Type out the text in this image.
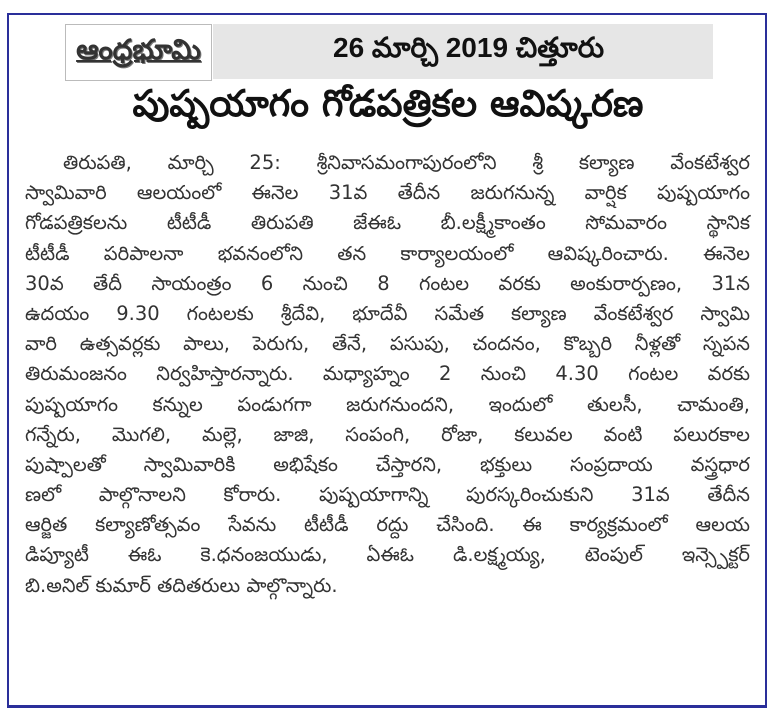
ఆంధ్రభూమి	26 మార్చి 2019 చిత్తూరు
పుష్పయాగం గోడపత్రికల ఆవిష్కరణ
తిరుపతి, మార్చి 25: శ్రీనివాసమంగాపురంలోని శ్రీ కల్యాణ వేంకటేశ్వర
స్వామివారి ఆలయంలో ఈనెల 31వ తేదీన జరుగనున్న వార్షిక పుష్పయాగం
గోడపత్రికలను టీటీడీ తిరుపతి జేఈఓ బీ.లక్ష్మీకాంతం సోమవారం స్థానిక
టీటీడీ పరిపాలనా భవనంలోని తన కార్యాలయంలో ఆవిష్కరించారు. ఈనెల
30వ తేదీ సాయంత్రం 6 నుంచి 8 గంటల వరకు అంకురార్పణం, 31న
ఉదయం 9.30 గంటలకు శ్రీదేవి, భూదేవీ సమేత కల్యాణ వేంకటేశ్వర స్వామి
వారి ఉత్సవర్లకు పాలు, పెరుగు, తేనే, పసుపు, చందనం, కొబ్బరి నీళ్లతో స్నపన
తిరుమంజనం నిర్వహిస్తారన్నారు. మధ్యాహ్నం 2 నుంచి 4.30 గంటల వరకు
పుష్పయాగం కన్నుల పండుగగా జరుగనుందని, ఇందులో తులసీ, చామంతి,
గన్నేరు, మొగలి, మల్లె, జాజి, సంపంగి, రోజా, కలువల వంటి పలురకాల
పుష్పాలతో స్వామివారికి అభిషేకం చేస్తారని, భక్తులు సంప్రదాయ వస్త్రధార
ణలో పాల్గొనాలని కోరారు. పుష్పయాగాన్ని పురస్కరించుకుని 31వ తేదీన
ఆర్జిత కల్యాణోత్సవం సేవను టీటీడీ రద్దు చేసింది. ఈ కార్యక్రమంలో ఆలయ
డిప్యూటీ ఈఓ కె.ధనంజయుడు, ఏఈఓ డి.లక్ష్మయ్య, టెంపుల్ ఇన్స్పెక్టర్
బి.అనిల్ కుమార్ తదితరులు పాల్గొన్నారు.
